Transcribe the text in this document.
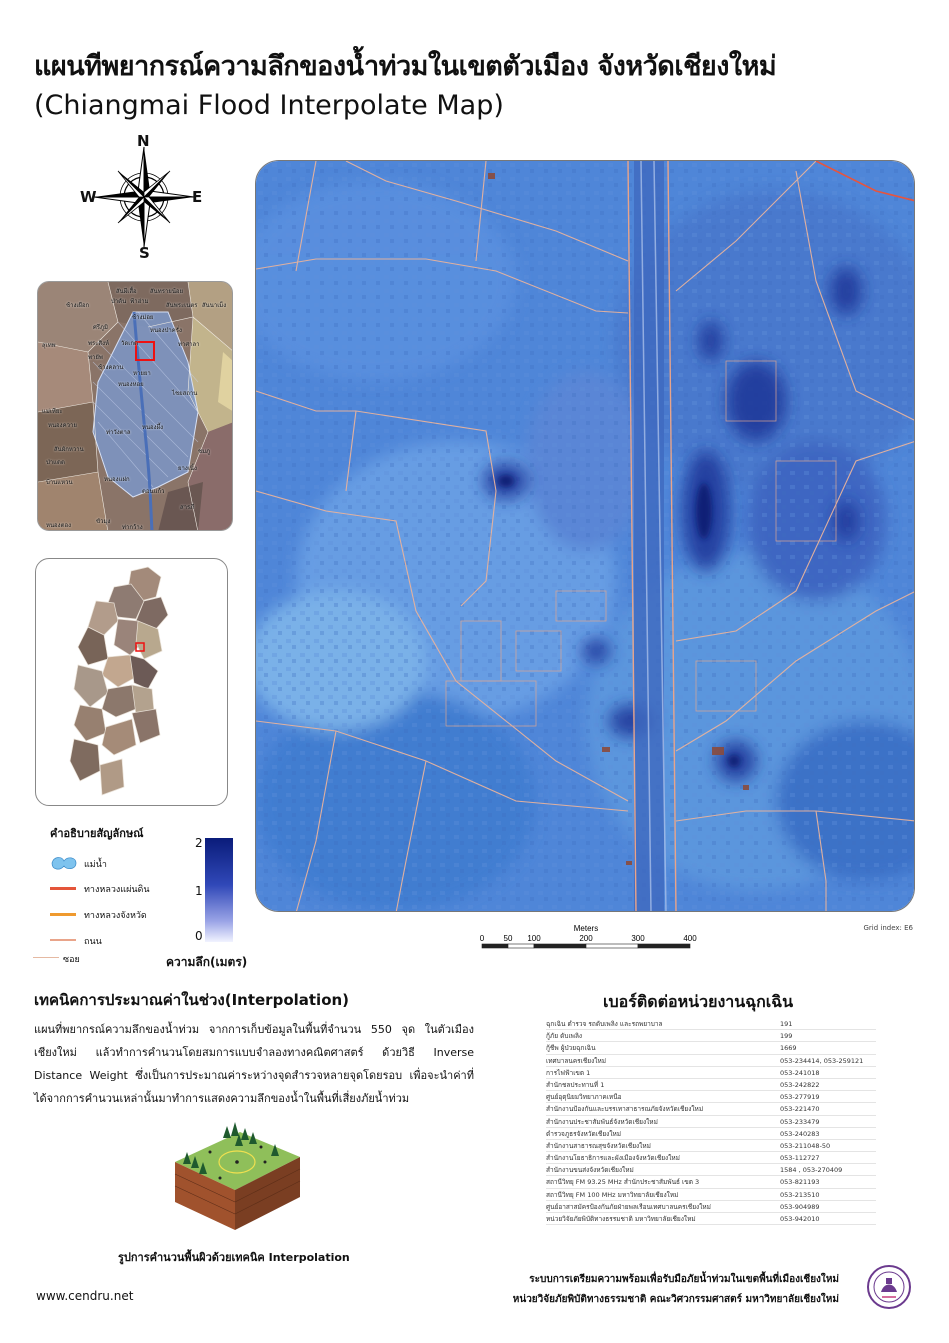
แผนทีพยากรณ์ความลึกของน้ำท่วมในเขตตัวเมือง จังหวัดเชียงใหม่
(Chiangmai Flood Interpolate Map)
N
S
E
W
สันผีเสื้อ สันทรายน้อย
ช้างเผือก
ป่าตัน ฟ้าฮ่าม
สันพระเนตร สันนาเม็ง
ช้างม่อย
ศรีภูมิ	หนองป่าครั่ง
สุเทพ	พระสิงห์ วัดเกต	ท่าศาลา
พายัพ
ช้างคลาน
หายยา
หนองหอย
ไชยสถาน
แม่เหียะ
หนองควาย
ท่าวังตาล
หนองผึ้ง
สันผักหวาน	ชมภู
ยางเนิ้ง
ป่าแดด
บ้านแหวน	หนองแฝก
ดอนแก้ว
สารภี
ขัวมุง
ท่ากว้าง
หนองตอง
Grid index: E6
Meters
0 50 100	200	300	400
คำอธิบายสัญลักษณ์
แม่น้ำ
ทางหลวงแผ่นดิน
ทางหลวงจังหวัด
ถนน
ซอย
2
1
0
ความลึก(เมตร)
เทคนิคการประมาณค่าในช่วง(Interpolation)
แผนที่พยากรณ์ความลึกของน้ำท่วม จากการเก็บข้อมูลในพื้นที่จำนวน 550 จุด ในตัวเมืองเชียงใหม่ แล้วทำการคำนวนโดยสมการแบบจำลองทางคณิตศาสตร์ ด้วยวิธี Inverse Distance Weight ซึ่งเป็นการประมาณค่าระหว่างจุดสำรวจหลายจุดโดยรอบ เพื่อจะนำค่าที่ได้จากการคำนวนเหล่านั้นมาทำการแสดงความลึกของน้ำในพื้นที่เสี่ยงภัยน้ำท่วม
รูปการคำนวนพื้นผิวด้วยเทคนิค Interpolation
เบอร์ติดต่อหน่วยงานฉุกเฉิน
ฉุกเฉิน ตำรวจ รถดับเพลิง และรถพยาบาล	191
กู้ภัย ดับเพลิง	199
กู้ชีพ ผู้ป่วยฉุกเฉิน	1669
เทศบาลนครเชียงใหม่	053-234414, 053-259121
การไฟฟ้าเขต 1	053-241018
สำนักชลประทานที่ 1	053-242822
ศูนย์อุตุนิยมวิทยาภาคเหนือ	053-277919
สำนักงานป้องกันและบรรเทาสาธารณภัยจังหวัดเชียงใหม่	053-221470
สำนักงานประชาสัมพันธ์จังหวัดเชียงใหม่	053-233479
ตำรวจภูธรจังหวัดเชียงใหม่	053-240283
สำนักงานสาธารณสุขจังหวัดเชียงใหม่	053-211048-50
สำนักงานโยธาธิการและผังเมืองจังหวัดเชียงใหม่	053-112727
สำนักงานขนส่งจังหวัดเชียงใหม่	1584 , 053-270409
สถานีวิทยุ FM 93.25 MHz สำนักประชาสัมพันธ์ เขต 3	053-821193
สถานีวิทยุ FM 100 MHz มหาวิทยาลัยเชียงใหม่	053-213510
ศูนย์อาสาสมัครป้องกันภัยฝ่ายพลเรือนเทศบาลนครเชียงใหม่	053-904989
หน่วยวิจัยภัยพิบัติทางธรรมชาติ มหาวิทยาลัยเชียงใหม่	053-942010
www.cendru.net
ระบบการเตรียมความพร้อมเพื่อรับมือภัยน้ำท่วมในเขตพื้นที่เมืองเชียงใหม่
หน่วยวิจัยภัยพิบัติทางธรรมชาติ คณะวิศวกรรมศาสตร์ มหาวิทยาลัยเชียงใหม่
